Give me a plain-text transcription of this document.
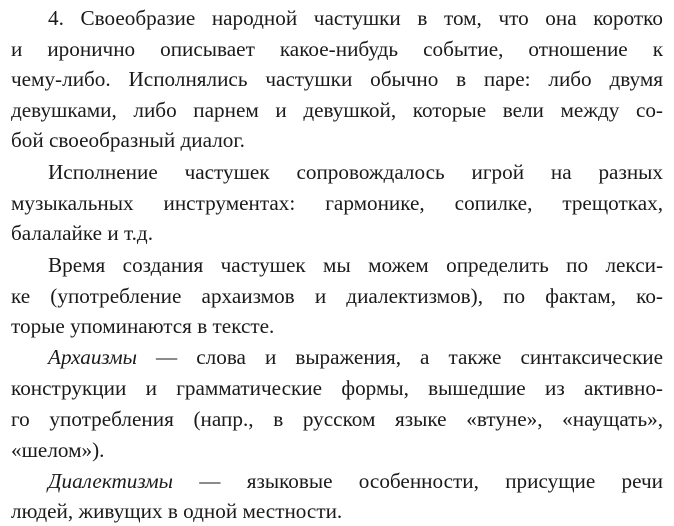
4. Своеобразие народной частушки в том, что она коротко
и иронично описывает какое-нибудь событие, отношение к
чему-либо. Исполнялись частушки обычно в паре: либо двумя
девушками, либо парнем и девушкой, которые вели между со-
бой своеобразный диалог.
Исполнение частушек сопровождалось игрой на разных
музыкальных инструментах: гармонике, сопилке, трещотках,
балалайке и т.д.
Время создания частушек мы можем определить по лекси-
ке (употребление архаизмов и диалектизмов), по фактам, ко-
торые упоминаются в тексте.
Архаизмы — слова и выражения, а также синтаксические
конструкции и грамматические формы, вышедшие из активно-
го употребления (напр., в русском языке «втуне», «наущать»,
«шелом»).
Диалектизмы — языковые особенности, присущие речи
людей, живущих в одной местности.
